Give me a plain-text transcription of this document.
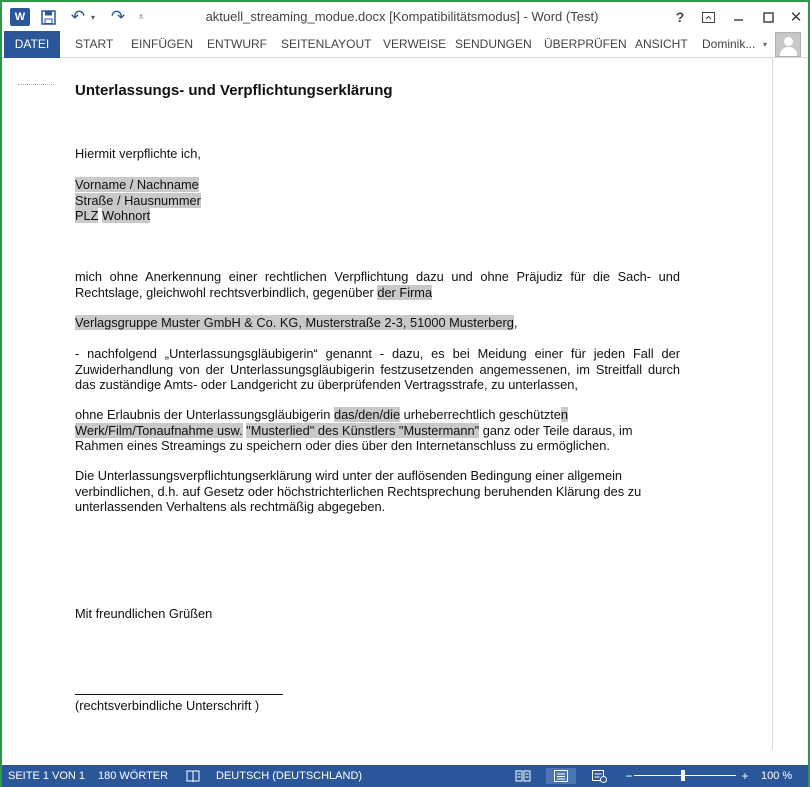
W	↶ ▾ ↷	⩡	aktuell_streaming_modue.docx [Kompatibilitätsmodus] - Word (Test)	?	✕
DATEI	START EINFÜGEN ENTWURF SEITENLAYOUT VERWEISE SENDUNGEN ÜBERPRÜFEN ANSICHT Dominik... ▾
Unterlassungs- und Verpflichtungserklärung
Hiermit verpflichte ich,
Vorname / Nachname
Straße / Hausnummer
PLZ Wohnort
mich ohne Anerkennung einer rechtlichen Verpflichtung dazu und ohne Präjudiz für die Sach- und Rechtslage, gleichwohl rechtsverbindlich, gegenüber der Firma
Verlagsgruppe Muster GmbH & Co. KG, Musterstraße 2-3, 51000 Musterberg,
- nachfolgend „Unterlassungsgläubigerin“ genannt - dazu, es bei Meidung einer für jeden Fall der Zuwiderhandlung von der Unterlassungsgläubigerin festzusetzenden angemessenen, im Streitfall durch das zuständige Amts- oder Landgericht zu überprüfenden Vertragsstrafe, zu unterlassen,
ohne Erlaubnis der Unterlassungsgläubigerin das/den/die urheberrechtlich geschützten Werk/Film/Tonaufnahme usw. "Musterlied" des Künstlers "Mustermann" ganz oder Teile daraus, im Rahmen eines Streamings zu speichern oder dies über den Internetanschluss zu ermöglichen.
Die Unterlassungsverpflichtungserklärung wird unter der auflösenden Bedingung einer allgemein verbindlichen, d.h. auf Gesetz oder höchstrichterlichen Rechtsprechung beruhenden Klärung des zu unterlassenden Verhaltens als rechtmäßig abgegeben.
Mit freundlichen Grüßen
(rechtsverbindliche Unterschrift )
SEITE 1 VON 1 180 WÖRTER	DEUTSCH (DEUTSCHLAND)	−	+	100 %
